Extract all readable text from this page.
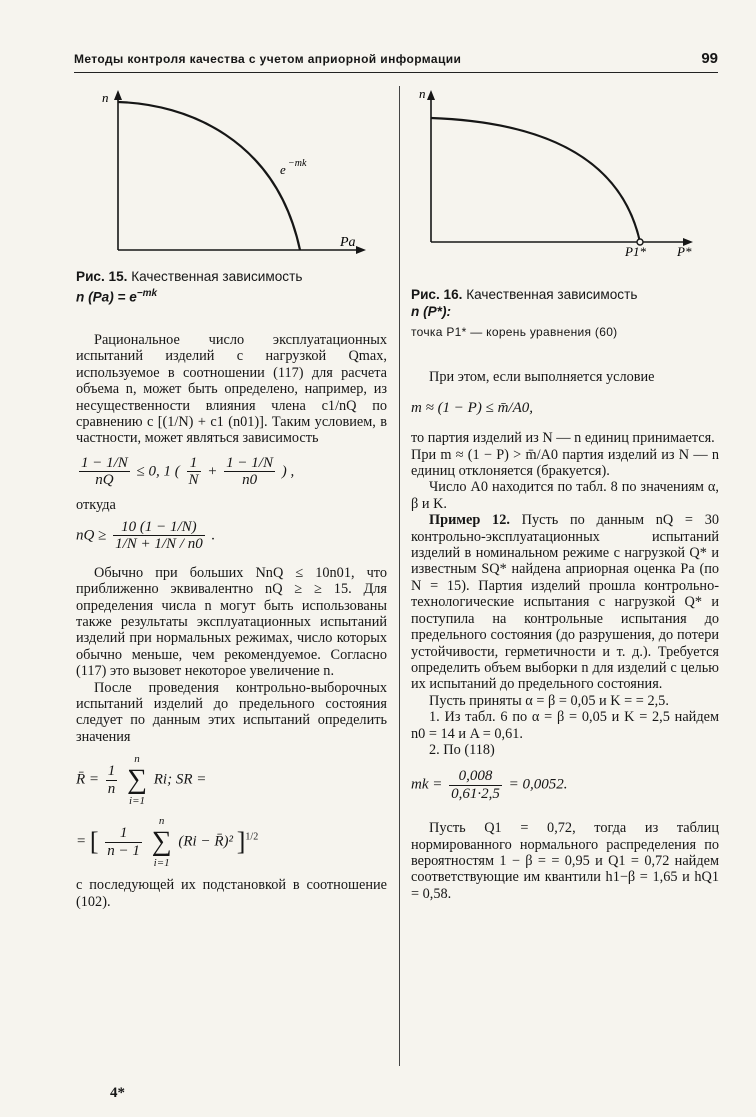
Методы контроля качества с учетом априорной информации	99
n
Pa
e −mk
Рис. 15. Качественная зависимость
n $(Pa) = e^{-mk}$

Рациональное число эксплуатационных испытаний изделий с нагрузкой Qmax, используемое в соотношении (117) для расчета объема n, может быть определено, например, из несущественности влияния члена c1/nQ по сравнению с [(1/N) + c1 (n01)]. Таким условием, в частности, может являться зависимость

$\frac{1 - 1/N}{nQ} \le 0$, 1 ( $\frac{1}{N} + \frac{1 - 1/N}{n0}$ ) ,

откуда

nQ ≥ $\frac{10 (1 - 1/N)}{1/N + 1/N / n0}$ .

Обычно при больших NnQ ≤ 10n01, что приближенно эквивалентно nQ ≥ ≥ 15. Для определения числа n могут быть использованы также результаты эксплуатационных испытаний изделий при нормальных режимах, число которых обычно меньше, чем рекомендуемое. Согласно (117) это вызовет некоторое увеличение n.

После проведения контрольно-выборочных испытаний изделий до предельного состояния следует по данным этих испытаний определить значения

R̄ = $\frac{1}{n}$

n
∑
i=1
Ri; SR =
= [ $\frac{1}{n - 1}$

n
∑
i=1
(Ri − R̄)² ]$^{1/2}$

с последующей их подстановкой в соотношение (102).

4*
n
P*
P1*
Рис. 16. Качественная зависимость
n (P*):
точка P1* — корень уравнения (60)

При этом, если выполняется условие

m ≈ (1 − P) ≤ m̄/A0,

то партия изделий из N — n единиц принимается.

При m ≈ (1 − P) > m̄/A0 партия изделий из N — n единиц отклоняется (бракуется).

Число A0 находится по табл. 8 по значениям α, β и K.

Пример 12. Пусть по данным nQ = 30 контрольно-эксплуатационных испытаний изделий в номинальном режиме с нагрузкой Q* и известным SQ* найдена априорная оценка Pa (по N = 15). Партия изделий прошла контрольно-технологические испытания с нагрузкой Q* и поступила на контрольные испытания до предельного состояния (до разрушения, до потери устойчивости, герметичности и т. д.). Требуется определить объем выборки n для изделий с целью их испытаний до предельного состояния.

Пусть приняты α = β = 0,05 и K = = 2,5.

1. Из табл. 6 по α = β = 0,05 и K = 2,5 найдем n0 = 14 и A = 0,61.

2. По (118)

mk = $\frac{0,008}{0,61\cdot 2,5} = 0,0052$.

Пусть Q1 = 0,72, тогда из таблиц нормированного нормального распределения по вероятностям 1 − β = = 0,95 и Q1 = 0,72 найдем соответствующие им квантили h1−β = 1,65 и hQ1 = 0,58.
